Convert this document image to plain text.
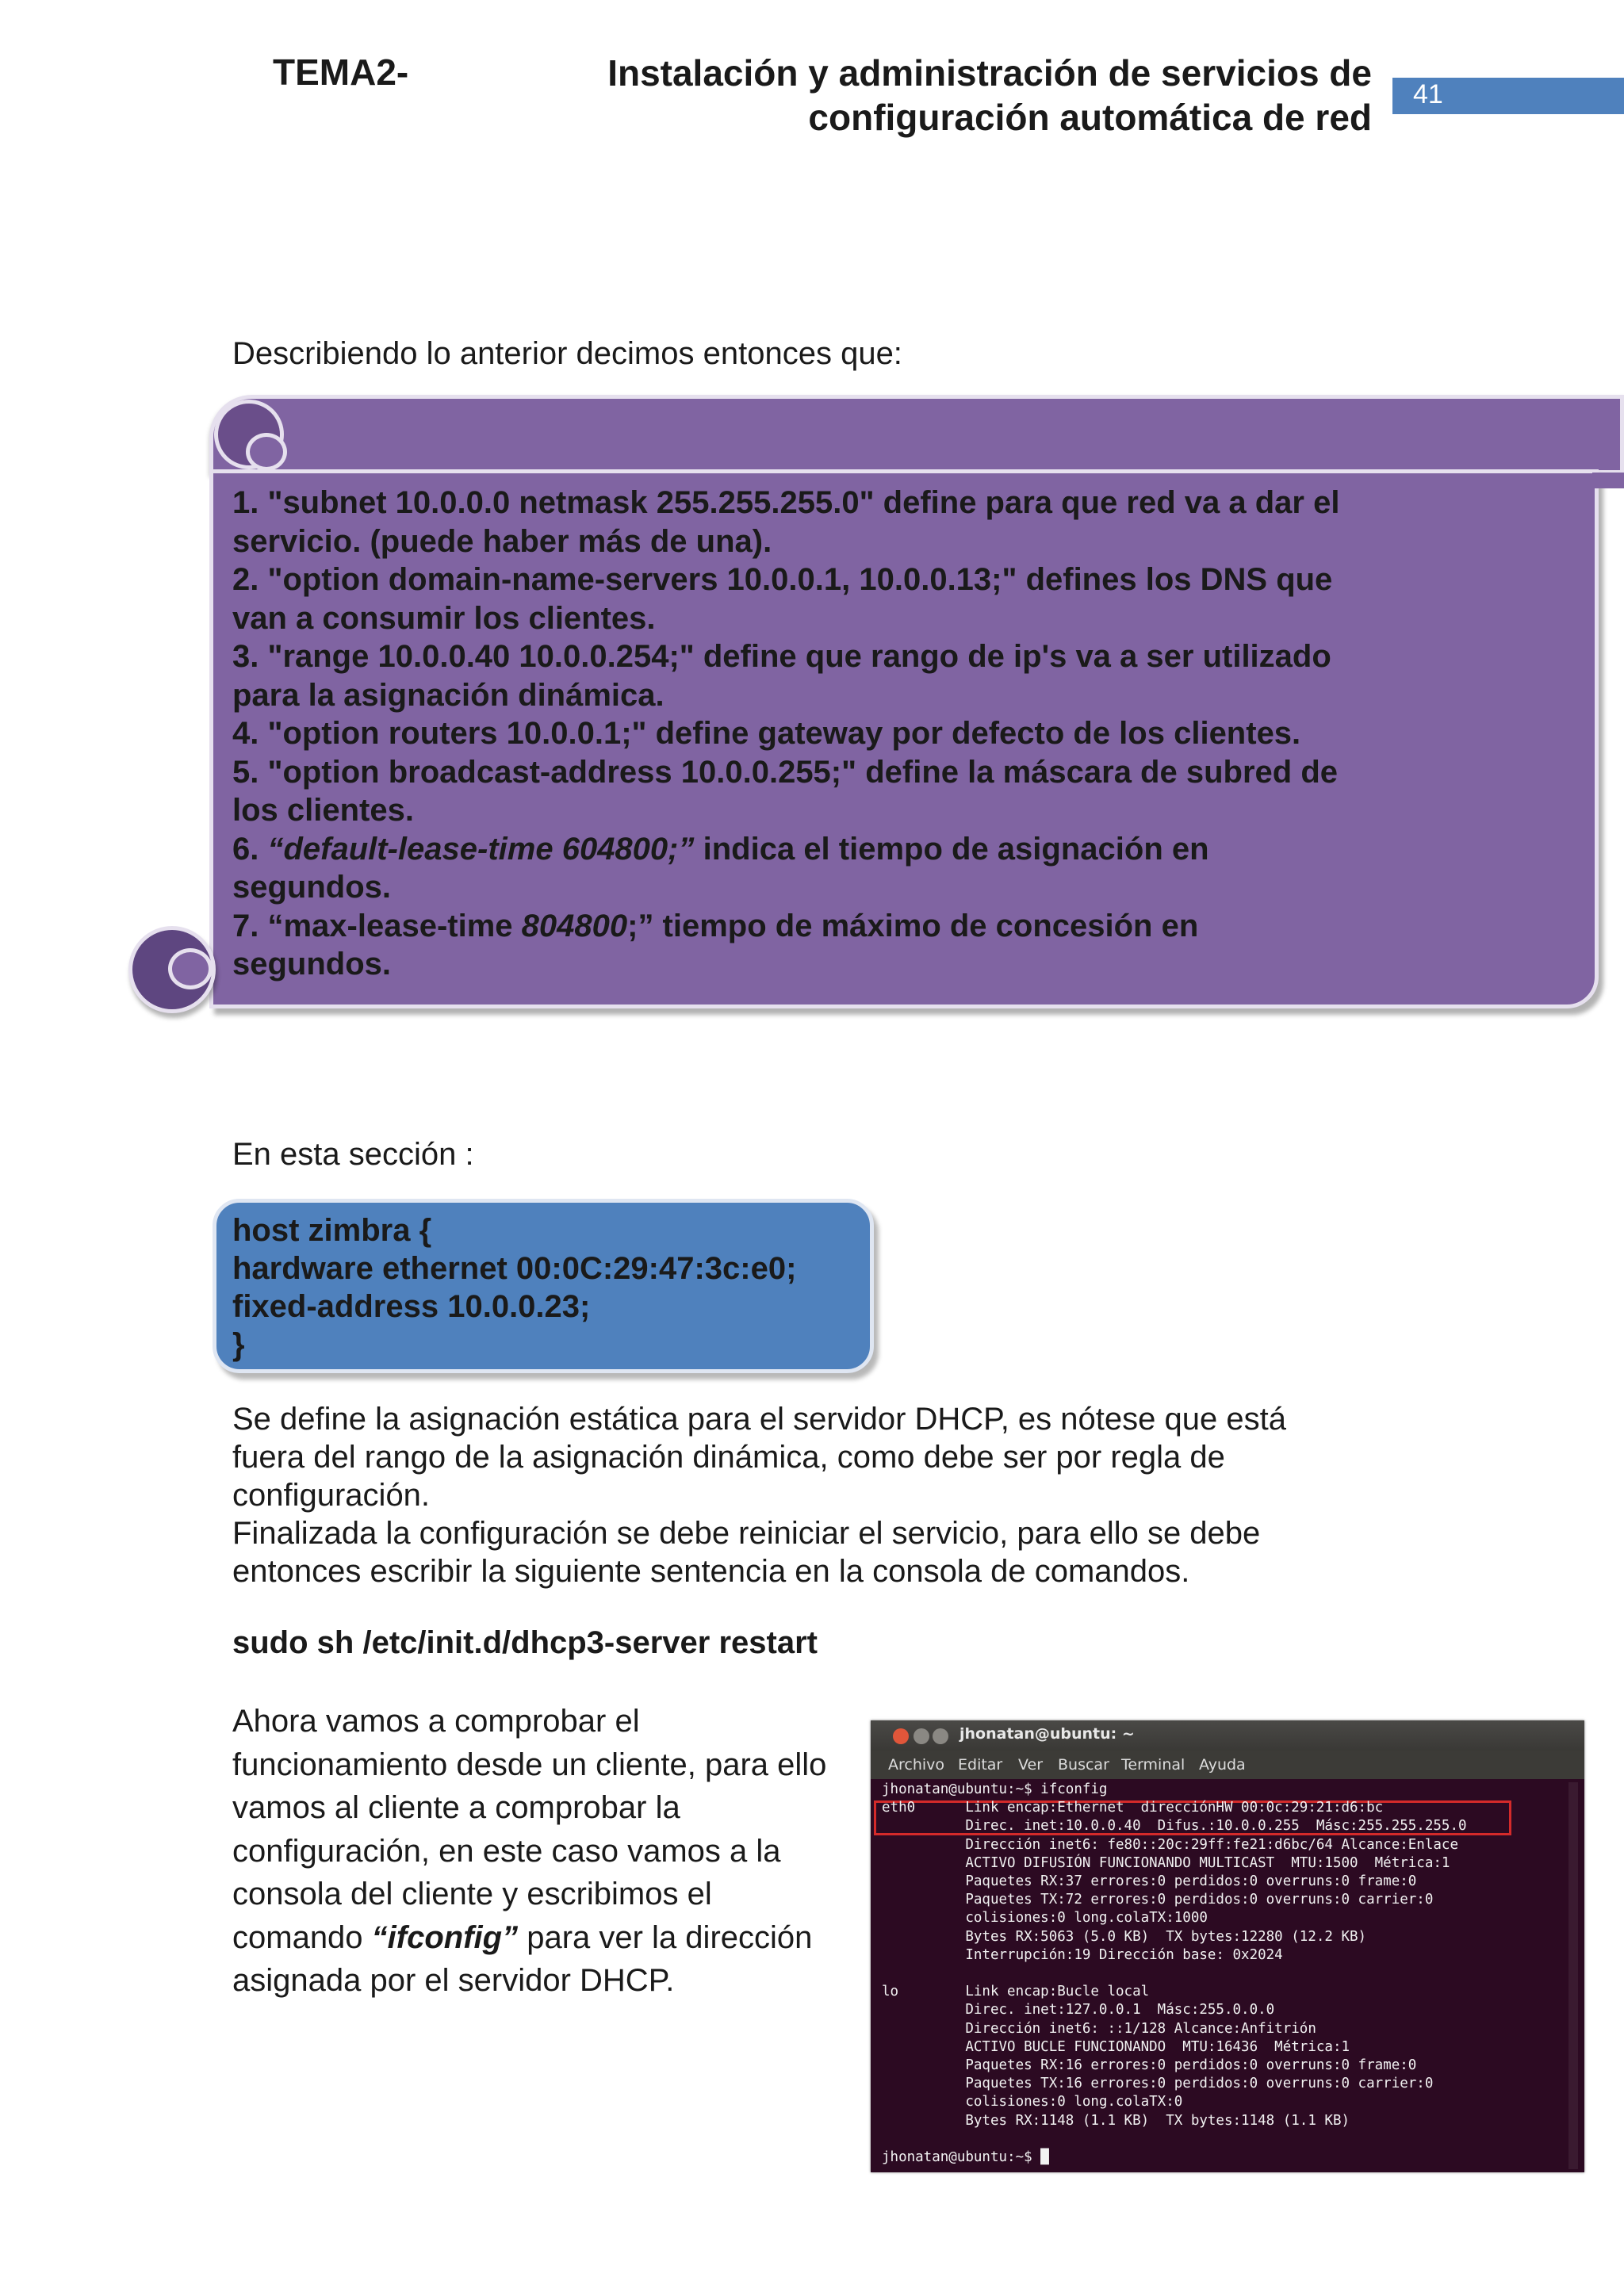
TEMA2-	Instalación y administración de servicios de
configuración automática de red
41
Describiendo lo anterior decimos entonces que:
1. "subnet 10.0.0.0 netmask 255.255.255.0" define para que red va a dar el
servicio. (puede haber más de una).
2. "option domain-name-servers 10.0.0.1, 10.0.0.13;" defines los DNS que
van a consumir los clientes.
3. "range 10.0.0.40 10.0.0.254;" define que rango de ip's va a ser utilizado
para la asignación dinámica.
4. "option routers 10.0.0.1;" define gateway por defecto de los clientes.
5. "option broadcast-address 10.0.0.255;" define la máscara de subred de
los clientes.
6. “default-lease-time 604800;” indica el tiempo de asignación en
segundos.
7. “max-lease-time 804800;” tiempo de máximo de concesión en
segundos.
En esta sección :
host zimbra {
hardware ethernet 00:0C:29:47:3c:e0;
fixed-address 10.0.0.23;
}
Se define la asignación estática para el servidor DHCP, es nótese que está
fuera del rango de la asignación dinámica, como debe ser por regla de
configuración.
Finalizada la configuración se debe reiniciar el servicio, para ello se debe
entonces escribir la siguiente sentencia en la consola de comandos.
sudo sh /etc/init.d/dhcp3-server restart
Ahora vamos a comprobar el funcionamiento desde un cliente, para ello vamos al cliente a comprobar la configuración, en este caso vamos a la consola del cliente y escribimos el comando “ifconfig” para ver la dirección asignada por el servidor DHCP.
jhonatan@ubuntu: ~
Archivo Editar Ver Buscar Terminal Ayuda
jhonatan@ubuntu:~$ ifconfig
eth0      Link encap:Ethernet  direcciónHW 00:0c:29:21:d6:bc
Direc. inet:10.0.0.40  Difus.:10.0.0.255  Másc:255.255.255.0
Dirección inet6: fe80::20c:29ff:fe21:d6bc/64 Alcance:Enlace
ACTIVO DIFUSIÓN FUNCIONANDO MULTICAST  MTU:1500  Métrica:1
Paquetes RX:37 errores:0 perdidos:0 overruns:0 frame:0
Paquetes TX:72 errores:0 perdidos:0 overruns:0 carrier:0
colisiones:0 long.colaTX:1000
Bytes RX:5063 (5.0 KB)  TX bytes:12280 (12.2 KB)
Interrupción:19 Dirección base: 0x2024

lo        Link encap:Bucle local
Direc. inet:127.0.0.1  Másc:255.0.0.0
Dirección inet6: ::1/128 Alcance:Anfitrión
ACTIVO BUCLE FUNCIONANDO  MTU:16436  Métrica:1
Paquetes RX:16 errores:0 perdidos:0 overruns:0 frame:0
Paquetes TX:16 errores:0 perdidos:0 overruns:0 carrier:0
colisiones:0 long.colaTX:0
Bytes RX:1148 (1.1 KB)  TX bytes:1148 (1.1 KB)

jhonatan@ubuntu:~$ █
